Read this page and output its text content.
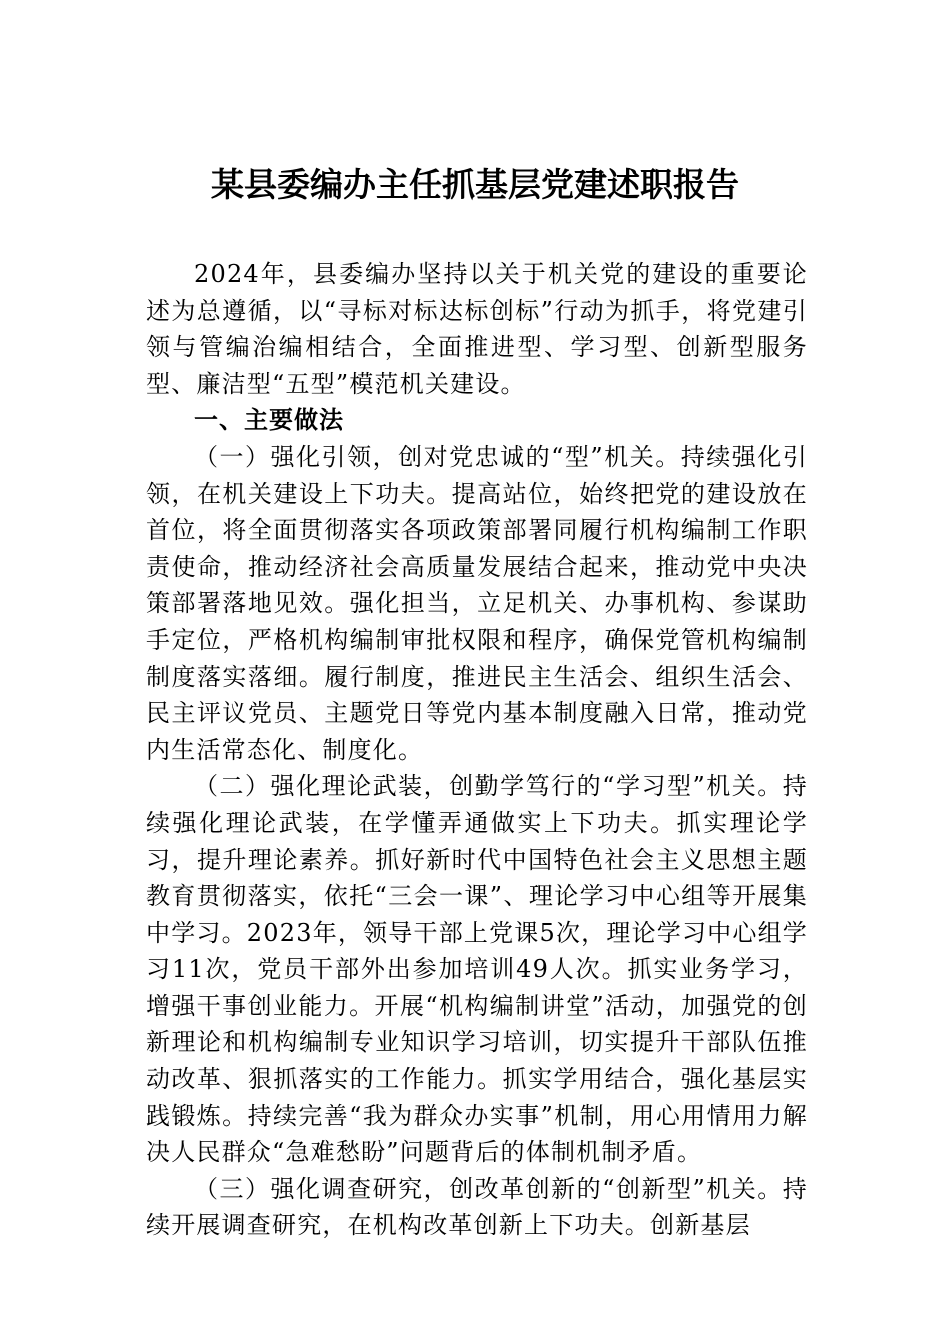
某县委编办主任抓基层党建述职报告

2024年，县委编办坚持以关于机关党的建设的重要论述为总遵循，以“寻标对标达标创标”行动为抓手，将党建引领与管编治编相结合，全面推进型、学习型、创新型服务型、廉洁型“五型”模范机关建设。

一、主要做法

（一）强化引领，创对党忠诚的“型”机关。持续强化引领，在机关建设上下功夫。提高站位，始终把党的建设放在首位，将全面贯彻落实各项政策部署同履行机构编制工作职责使命，推动经济社会高质量发展结合起来，推动党中央决策部署落地见效。强化担当，立足机关、办事机构、参谋助手定位，严格机构编制审批权限和程序，确保党管机构编制制度落实落细。履行制度，推进民主生活会、组织生活会、民主评议党员、主题党日等党内基本制度融入日常，推动党内生活常态化、制度化。

（二）强化理论武装，创勤学笃行的“学习型”机关。持续强化理论武装，在学懂弄通做实上下功夫。抓实理论学习，提升理论素养。抓好新时代中国特色社会主义思想主题教育贯彻落实，依托“三会一课”、理论学习中心组等开展集中学习。2023年，领导干部上党课5次，理论学习中心组学习11次，党员干部外出参加培训49人次。抓实业务学习，增强干事创业能力。开展“机构编制讲堂”活动，加强党的创新理论和机构编制专业知识学习培训，切实提升干部队伍推动改革、狠抓落实的工作能力。抓实学用结合，强化基层实践锻炼。持续完善“我为群众办实事”机制，用心用情用力解决人民群众“急难愁盼”问题背后的体制机制矛盾。

（三）强化调查研究，创改革创新的“创新型”机关。持续开展调查研究，在机构改革创新上下功夫。创新基层
